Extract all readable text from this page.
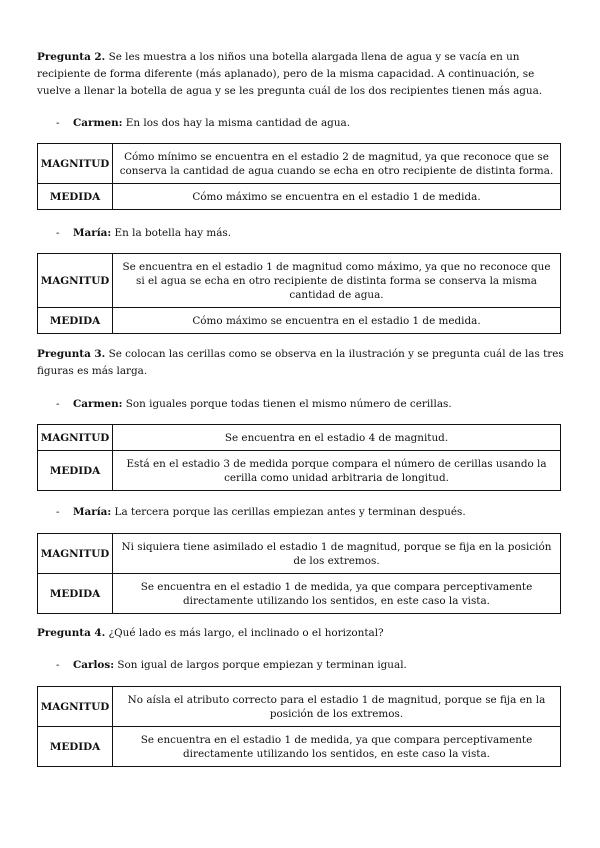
Pregunta 2. Se les muestra a los niños una botella alargada llena de agua y se vacía en un recipiente de forma diferente (más aplanado), pero de la misma capacidad. A continuación, se vuelve a llenar la botella de agua y se les pregunta cuál de los dos recipientes tienen más agua.
- Carmen: En los dos hay la misma cantidad de agua.
MAGNITUD	Cómo mínimo se encuentra en el estadio 2 de magnitud, ya que reconoce que se conserva la cantidad de agua cuando se echa en otro recipiente de distinta forma.
MEDIDA	Cómo máximo se encuentra en el estadio 1 de medida.
- María: En la botella hay más.
MAGNITUD	Se encuentra en el estadio 1 de magnitud como máximo, ya que no reconoce que si el agua se echa en otro recipiente de distinta forma se conserva la misma cantidad de agua.
MEDIDA	Cómo máximo se encuentra en el estadio 1 de medida.
Pregunta 3. Se colocan las cerillas como se observa en la ilustración y se pregunta cuál de las tres figuras es más larga.
- Carmen: Son iguales porque todas tienen el mismo número de cerillas.
MAGNITUD	Se encuentra en el estadio 4 de magnitud.
MEDIDA	Está en el estadio 3 de medida porque compara el número de cerillas usando la cerilla como unidad arbitraria de longitud.
- María: La tercera porque las cerillas empiezan antes y terminan después.
MAGNITUD	Ni siquiera tiene asimilado el estadio 1 de magnitud, porque se fija en la posición de los extremos.
MEDIDA	Se encuentra en el estadio 1 de medida, ya que compara perceptivamente directamente utilizando los sentidos, en este caso la vista.
Pregunta 4. ¿Qué lado es más largo, el inclinado o el horizontal?
- Carlos: Son igual de largos porque empiezan y terminan igual.
MAGNITUD	No aísla el atributo correcto para el estadio 1 de magnitud, porque se fija en la posición de los extremos.
MEDIDA	Se encuentra en el estadio 1 de medida, ya que compara perceptivamente directamente utilizando los sentidos, en este caso la vista.
